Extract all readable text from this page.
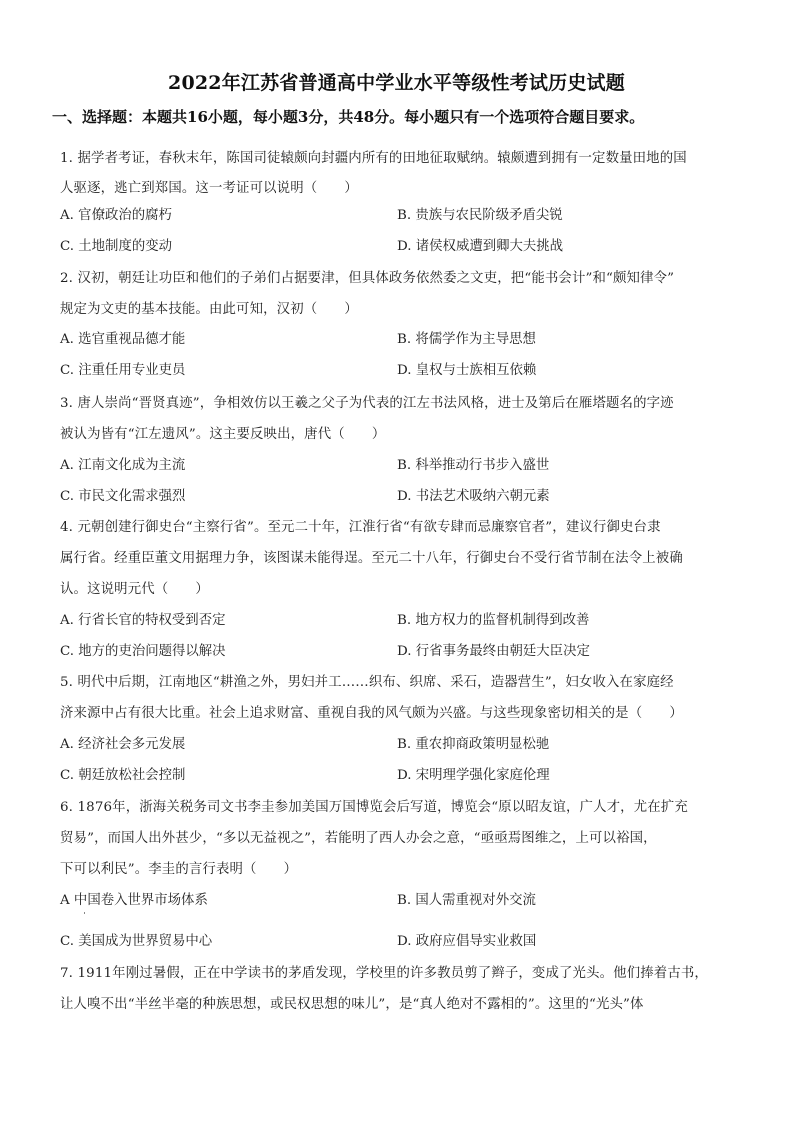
2022年江苏省普通高中学业水平等级性考试历史试题
一、选择题：本题共16小题，每小题3分，共48分。每小题只有一个选项符合题目要求。
1. 据学者考证，春秋末年，陈国司徒辕颇向封疆内所有的田地征取赋纳。辕颇遭到拥有一定数量田地的国
人驱逐，逃亡到郑国。这一考证可以说明（　　）
A. 官僚政治的腐朽	B. 贵族与农民阶级矛盾尖锐
C. 土地制度的变动	D. 诸侯权威遭到卿大夫挑战
2. 汉初，朝廷让功臣和他们的子弟们占据要津，但具体政务依然委之文吏，把“能书会计”和“颇知律令”
规定为文吏的基本技能。由此可知，汉初（　　）
A. 选官重视品德才能	B. 将儒学作为主导思想
C. 注重任用专业吏员	D. 皇权与士族相互依赖
3. 唐人崇尚“晋贤真迹”，争相效仿以王羲之父子为代表的江左书法风格，进士及第后在雁塔题名的字迹
被认为皆有“江左遗风”。这主要反映出，唐代（　　）
A. 江南文化成为主流	B. 科举推动行书步入盛世
C. 市民文化需求强烈	D. 书法艺术吸纳六朝元素
4. 元朝创建行御史台“主察行省”。至元二十年，江淮行省“有欲专肆而忌廉察官者”，建议行御史台隶
属行省。经重臣董文用据理力争，该图谋未能得逞。至元二十八年，行御史台不受行省节制在法令上被确
认。这说明元代（　　）
A. 行省长官的特权受到否定	B. 地方权力的监督机制得到改善
C. 地方的吏治问题得以解决	D. 行省事务最终由朝廷大臣决定
5. 明代中后期，江南地区“耕渔之外，男妇并工……织布、织席、采石，造器营生”，妇女收入在家庭经
济来源中占有很大比重。社会上追求财富、重视自我的风气颇为兴盛。与这些现象密切相关的是（　　）
A. 经济社会多元发展	B. 重农抑商政策明显松驰
C. 朝廷放松社会控制	D. 宋明理学强化家庭伦理
6. 1876年，浙海关税务司文书李圭参加美国万国博览会后写道，博览会“原以昭友谊，广人才，尤在扩充
贸易”，而国人出外甚少，“多以无益视之”，若能明了西人办会之意，“亟亟焉图维之，上可以裕国，
下可以利民”。李圭的言行表明（　　）
A 中国卷入世界市场体系	B. 国人需重视对外交流
C. 美国成为世界贸易中心	D. 政府应倡导实业救国
7. 1911年刚过暑假，正在中学读书的茅盾发现，学校里的许多教员剪了辫子，变成了光头。他们捧着古书，
让人嗅不出“半丝半毫的种族思想，或民权思想的味儿”，是“真人绝对不露相的”。这里的“光头”体
